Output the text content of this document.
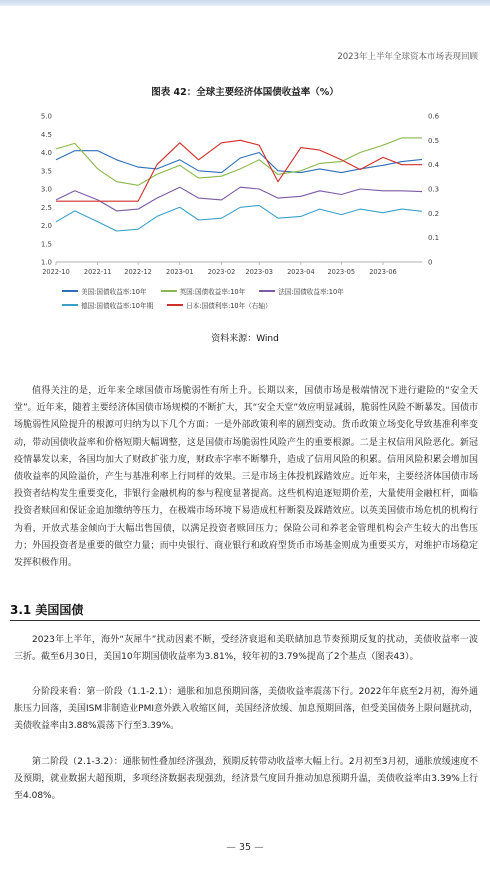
2023年上半年全球资本市场表现回顾
图表 42：全球主要经济体国债收益率（%）
1.0
1.5
2.0
2.5
3.0
3.5
4.0
4.5
5.0
0
0.1
0.2
0.3
0.4
0.5
0.6
2022-10 2022-11 2022-12 2023-01 2023-02 2023-03 2023-04 2023-05 2023-06
美国:国债收益率:10年	英国:国债收益率:10年	法国:国债收益率:10年
德国:国债收益率:10年期	日本:国债利率:10年（右轴）
资料来源：Wind

值得关注的是，近年来全球国债市场脆弱性有所上升。长期以来，国债市场是极端情况下进行避险的“安全天堂”。近年来，随着主要经济体国债市场规模的不断扩大，其“安全天堂”效应明显减弱，脆弱性风险不断暴发。国债市场脆弱性风险提升的根源可归纳为以下几个方面：一是外部政策利率的剧烈变动。货币政策立场变化导致基准利率变动，带动国债收益率和价格短期大幅调整，这是国债市场脆弱性风险产生的重要根源。二是主权信用风险恶化。新冠疫情暴发以来，各国均加大了财政扩张力度，财政赤字率不断攀升，造成了信用风险的积累。信用风险积累会增加国债收益率的风险溢价，产生与基准利率上行同样的效果。三是市场主体投机踩踏效应。近年来，主要经济体国债市场投资者结构发生重要变化，非银行金融机构的参与程度显著提高。这些机构追逐短期价差，大量使用金融杠杆，面临投资者赎回和保证金追加缴纳等压力，在极端市场环境下易造成杠杆断裂及踩踏效应。以英美国债市场危机的机构行为看，开放式基金倾向于大幅出售国债，以满足投资者赎回压力；保险公司和养老金管理机构会产生较大的出售压力；外国投资者是重要的做空力量；而中央银行、商业银行和政府型货币市场基金则成为重要买方，对维护市场稳定发挥积极作用。

3.1 美国国债

2023年上半年，海外“灰犀牛”扰动因素不断，受经济衰退和美联储加息节奏预期反复的扰动，美债收益率一波三折。截至6月30日，美国10年期国债收益率为3.81%，较年初的3.79%提高了2个基点（图表43）。

分阶段来看：第一阶段（1.1-2.1）：通胀和加息预期回落，美债收益率震荡下行。2022年年底至2月初，海外通胀压力回落，美国ISM非制造业PMI意外跌入收缩区间，美国经济放缓、加息预期回落，但受美国债务上限问题扰动，美债收益率由3.88%震荡下行至3.39%。

第二阶段（2.1-3.2）：通胀韧性叠加经济强劲，预期反转带动收益率大幅上行。2月初至3月初，通胀放缓速度不及预期，就业数据大超预期，多项经济数据表现强劲，经济景气度回升推动加息预期升温，美债收益率由3.39%上行至4.08%。

— 35 —
